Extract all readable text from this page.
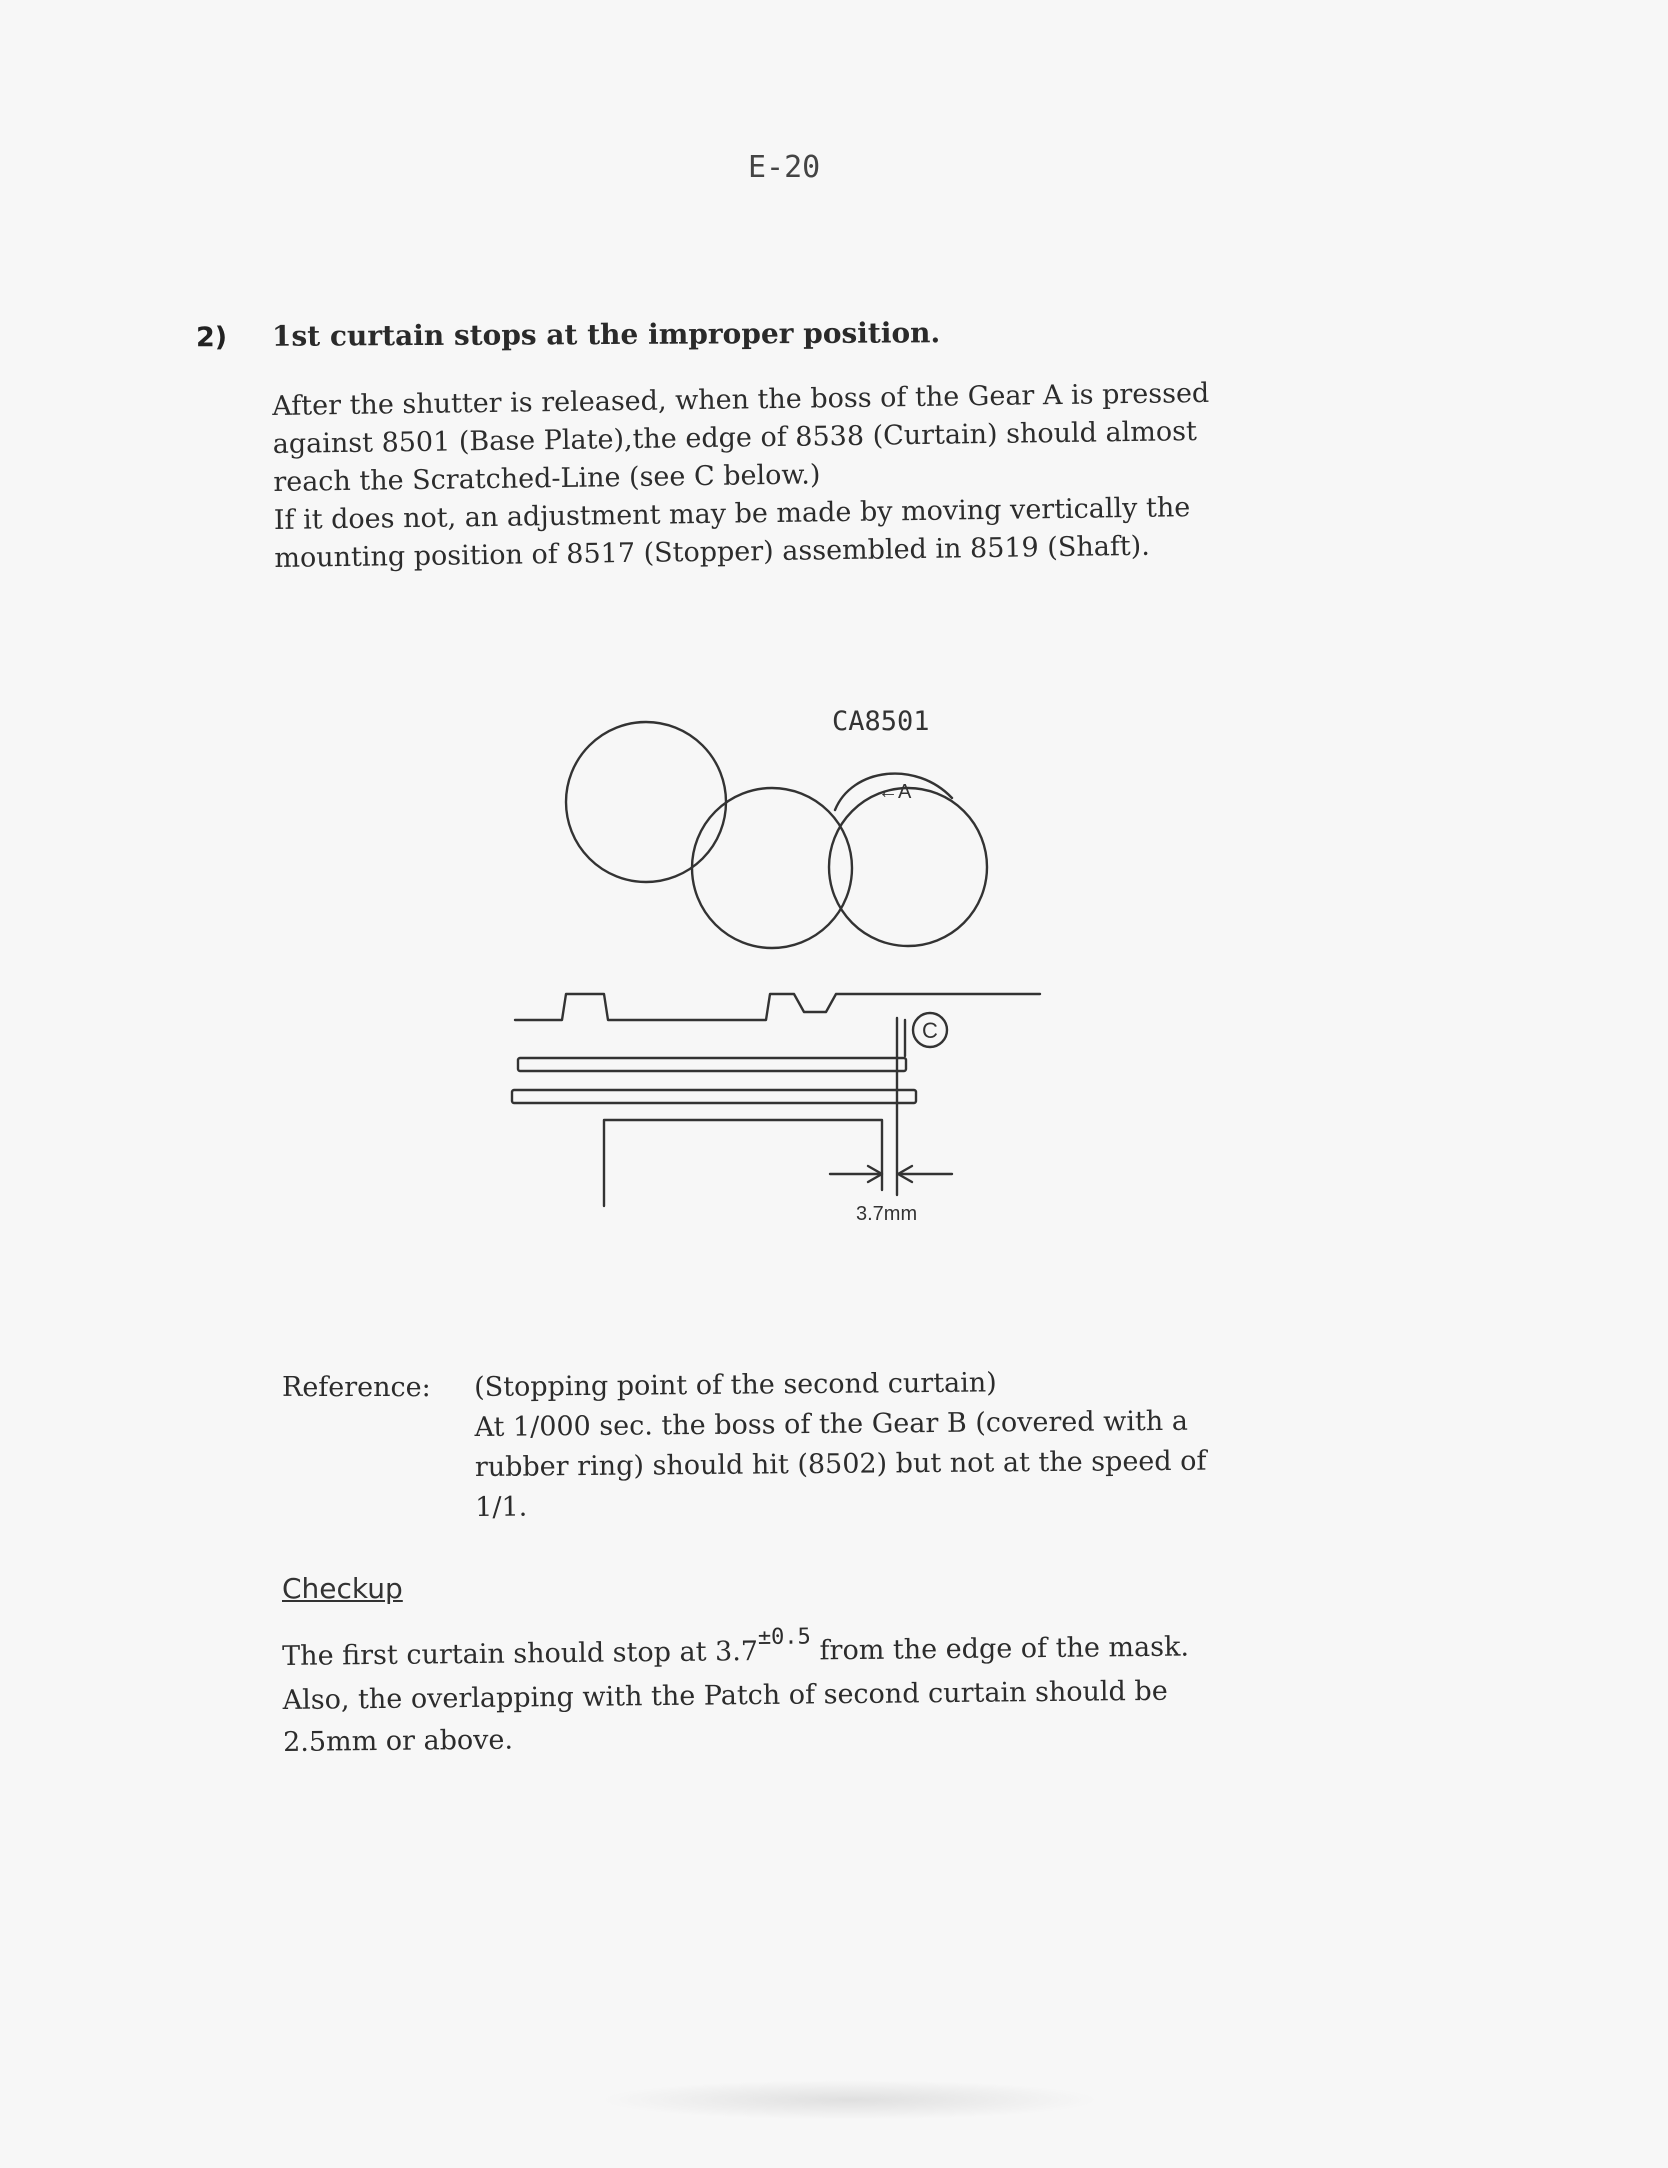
E-20
2) 1st curtain stops at the improper position.
After the shutter is released, when the boss of the Gear A is pressed
against 8501 (Base Plate),the edge of 8538 (Curtain) should almost
reach the Scratched-Line (see C below.)
If it does not, an adjustment may be made by moving vertically the
mounting position of 8517 (Stopper) assembled in 8519 (Shaft).
CA8501
←A
C
3.7mm
Reference: (Stopping point of the second curtain)
At 1/000 sec. the boss of the Gear B (covered with a
rubber ring) should hit (8502) but not at the speed of
1/1.
Checkup
The first curtain should stop at $3.7^{\pm 0.5}$ from the edge of the mask.
Also, the overlapping with the Patch of second curtain should be
2.5mm or above.
